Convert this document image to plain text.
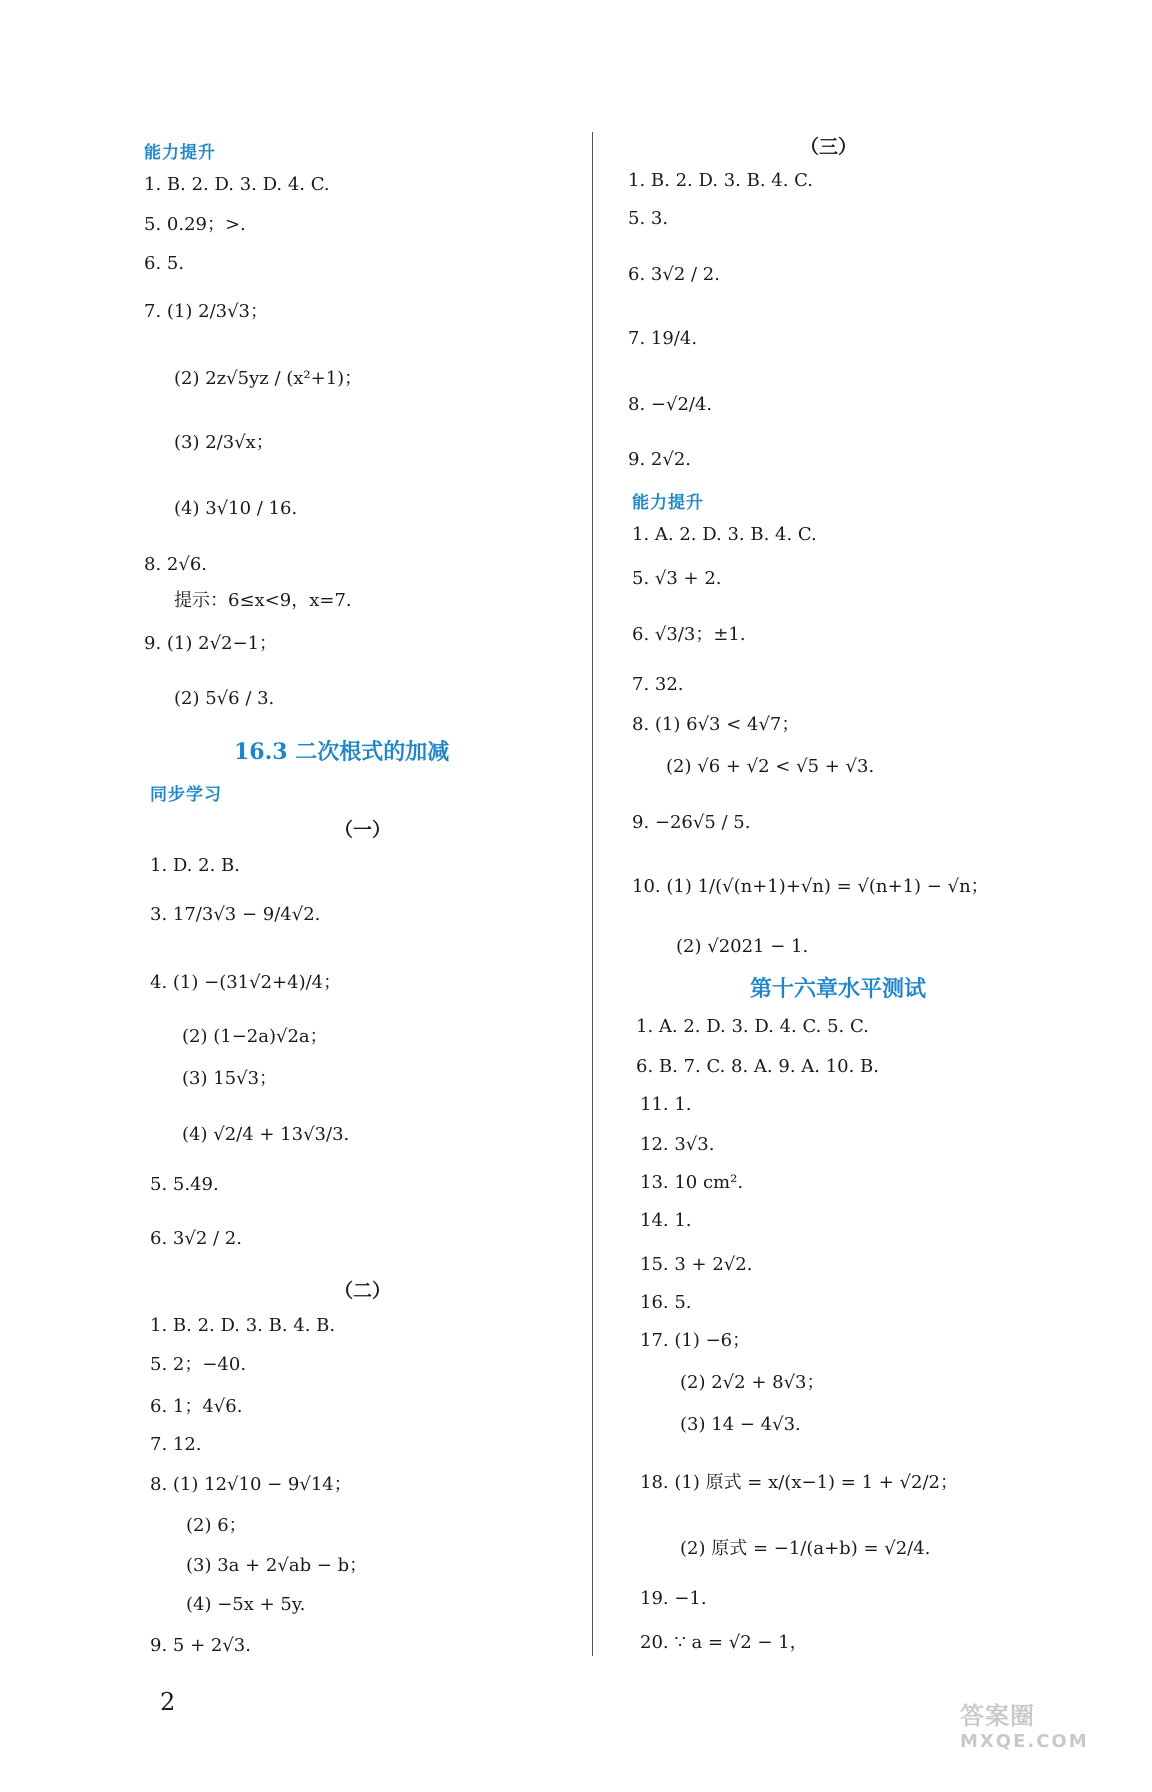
能力提升
1. B. 2. D. 3. D. 4. C.
5. 0.29；>.
6. 5.
7. (1) 2/3√3；
(2) 2z√5yz / (x²+1)；
(3) 2/3√x；
(4) 3√10 / 16.
8. 2√6.
提示：6≤x<9，x=7.
9. (1) 2√2−1；
(2) 5√6 / 3.
16.3 二次根式的加减
同步学习
（一）
1. D. 2. B.
3. 17/3√3 − 9/4√2.
4. (1) −(31√2+4)/4；
(2) (1−2a)√2a；
(3) 15√3；
(4) √2/4 + 13√3/3.
5. 5.49.
6. 3√2 / 2.
（二）
1. B. 2. D. 3. B. 4. B.
5. 2；−40.
6. 1；4√6.
7. 12.
8. (1) 12√10 − 9√14；
(2) 6；
(3) 3a + 2√ab − b；
(4) −5x + 5y.
9. 5 + 2√3.
（三）
1. B. 2. D. 3. B. 4. C.
5. 3.
6. 3√2 / 2.
7. 19/4.
8. −√2/4.
9. 2√2.
能力提升
1. A. 2. D. 3. B. 4. C.
5. √3 + 2.
6. √3/3；±1.
7. 32.
8. (1) 6√3 < 4√7；
(2) √6 + √2 < √5 + √3.
9. −26√5 / 5.
10. (1) 1/(√(n+1)+√n) = √(n+1) − √n；
(2) √2021 − 1.
第十六章水平测试
1. A. 2. D. 3. D. 4. C. 5. C.
6. B. 7. C. 8. A. 9. A. 10. B.
11. 1.
12. 3√3.
13. 10 cm².
14. 1.
15. 3 + 2√2.
16. 5.
17. (1) −6；
(2) 2√2 + 8√3；
(3) 14 − 4√3.
18. (1) 原式 = x/(x−1) = 1 + √2/2；
(2) 原式 = −1/(a+b) = √2/4.
19. −1.
20. ∵ a = √2 − 1，
2	答案圈
MXQE.COM
